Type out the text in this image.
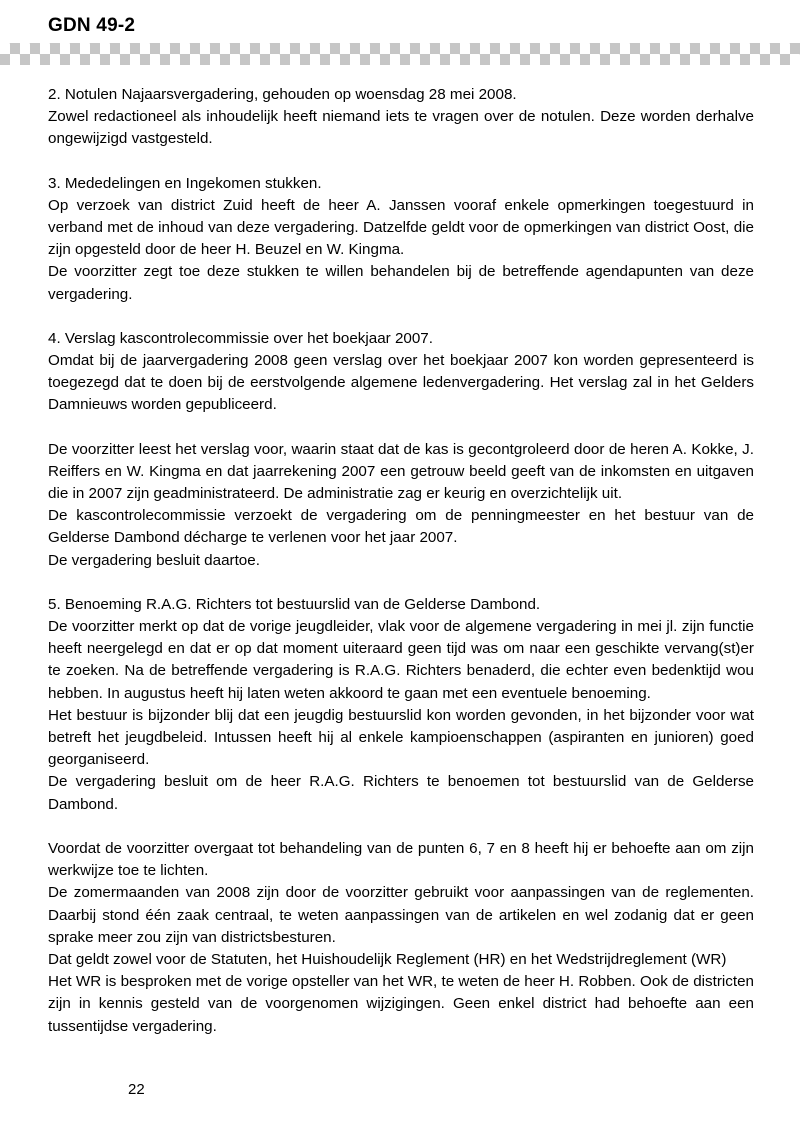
GDN 49-2

2. Notulen Najaarsvergadering, gehouden op woensdag 28 mei 2008.

Zowel redactioneel als inhoudelijk heeft niemand iets te vragen over de notulen. Deze worden derhalve ongewijzigd vastgesteld.

3. Mededelingen en Ingekomen stukken.

Op verzoek van district Zuid heeft de heer A. Janssen vooraf enkele opmerkingen toegestuurd in verband met de inhoud van deze vergadering. Datzelfde geldt voor de opmerkingen van district Oost, die zijn opgesteld door de heer H. Beuzel en W. Kingma.

De voorzitter zegt toe deze stukken te willen behandelen bij de betreffende agendapunten van deze vergadering.

4. Verslag kascontrolecommissie over het boekjaar 2007.

Omdat bij de jaarvergadering 2008 geen verslag over het boekjaar 2007 kon worden gepresenteerd is toegezegd dat te doen bij de eerstvolgende algemene ledenvergadering. Het verslag zal in het Gelders Damnieuws worden gepubliceerd.

De voorzitter leest het verslag voor, waarin staat dat de kas is gecontgroleerd door de heren A. Kokke, J. Reiffers en W. Kingma en dat jaarrekening 2007 een getrouw beeld geeft van de inkomsten en uitgaven die in 2007 zijn geadministrateerd. De administratie zag er keurig en overzichtelijk uit.

De kascontrolecommissie verzoekt de vergadering om de penningmeester en het bestuur van de Gelderse Dambond décharge te verlenen voor het jaar 2007.

De vergadering besluit daartoe.

5. Benoeming R.A.G. Richters tot bestuurslid van de Gelderse Dambond.

De voorzitter merkt op dat de vorige jeugdleider, vlak voor de algemene vergadering in mei jl. zijn functie heeft neergelegd en dat er op dat moment uiteraard geen tijd was om naar een geschikte vervang(st)er te zoeken. Na de betreffende vergadering is R.A.G. Richters benaderd, die echter even bedenktijd wou hebben. In augustus heeft hij laten weten akkoord te gaan met een eventuele benoeming.

Het bestuur is bijzonder blij dat een jeugdig bestuurslid kon worden gevonden, in het bijzonder voor wat betreft het jeugdbeleid. Intussen heeft hij al enkele kampioenschappen (aspiranten en junioren) goed georganiseerd.

De vergadering besluit om de heer R.A.G. Richters te benoemen tot bestuurslid van de Gelderse Dambond.

Voordat de voorzitter overgaat tot behandeling van de punten 6, 7 en 8 heeft hij er behoefte aan om zijn werkwijze toe te lichten.

De zomermaanden van 2008 zijn door de voorzitter gebruikt voor aanpassingen van de reglementen. Daarbij stond één zaak centraal, te weten aanpassingen van de artikelen en wel zodanig dat er geen sprake meer zou zijn van districtsbesturen.

Dat geldt zowel voor de Statuten, het Huishoudelijk Reglement (HR) en het Wedstrijdreglement (WR)

Het WR is besproken met de vorige opsteller van het WR, te weten de heer H. Robben. Ook de districten zijn in kennis gesteld van de voorgenomen wijzigingen. Geen enkel district had behoefte aan een tussentijdse vergadering.

22
